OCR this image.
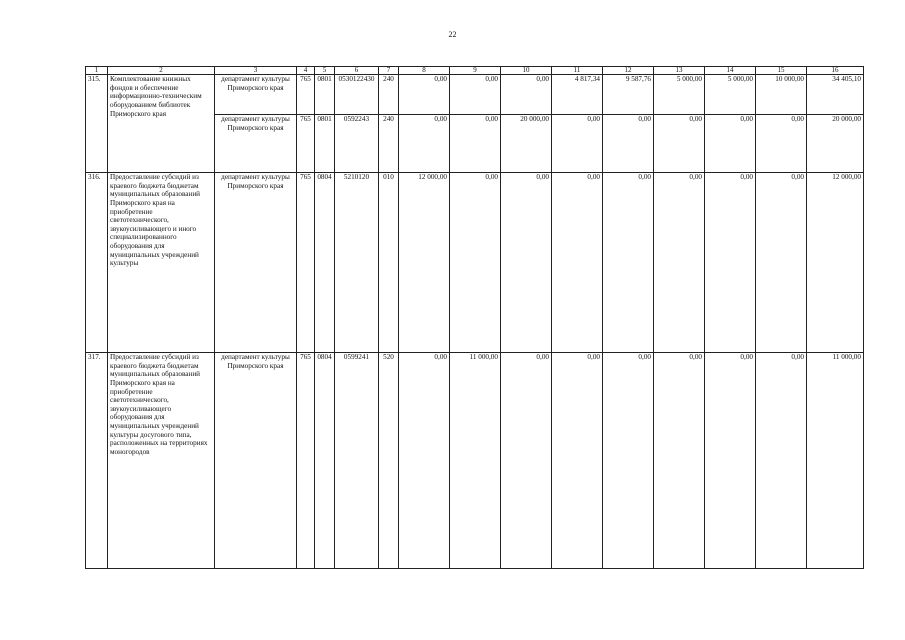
22
1	2	3	4	5	6	7	8	9	10	11	12	13	14	15	16
315.	Комплектование книжных фондов и обеспечение информационно-техническим оборудованием библиотек Приморского края	департамент культуры Приморского края	765	0801	0530122430	240	0,00	0,00	0,00	4 817,34	9 587,76	5 000,00	5 000,00	10 000,00	34 405,10
		департамент культуры Приморского края	765	0801	0592243	240	0,00	0,00	20 000,00	0,00	0,00	0,00	0,00	0,00	20 000,00
316.	Предоставление субсидий из краевого бюджета бюджетам муниципальных образований Приморского края на приобретение светотехнического, звукоусиливающего и иного специализированного оборудования для муниципальных учреждений культуры	департамент культуры Приморского края	765	0804	5210120	010	12 000,00	0,00	0,00	0,00	0,00	0,00	0,00	0,00	12 000,00
317.	Предоставление субсидий из краевого бюджета бюджетам муниципальных образований Приморского края на приобретение светотехнического, звукоусиливающего оборудования для муниципальных учреждений культуры досугового типа, расположенных на территориях моногородов	департамент культуры Приморского края	765	0804	0599241	520	0,00	11 000,00	0,00	0,00	0,00	0,00	0,00	0,00	11 000,00
